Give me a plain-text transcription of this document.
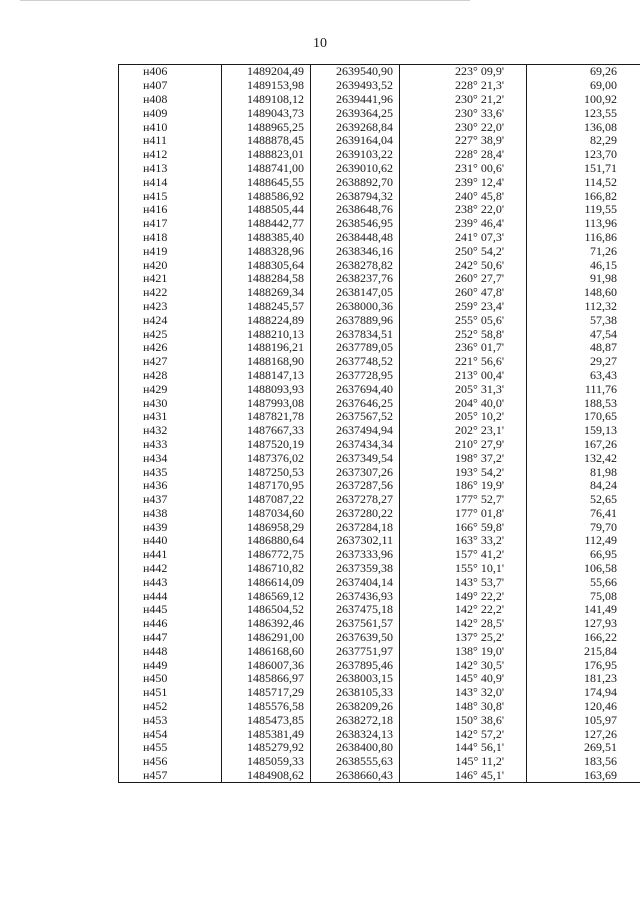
10
н406	1489204,49	2639540,90	223° 09,9'	69,26
н407	1489153,98	2639493,52	228° 21,3'	69,00
н408	1489108,12	2639441,96	230° 21,2'	100,92
н409	1489043,73	2639364,25	230° 33,6'	123,55
н410	1488965,25	2639268,84	230° 22,0'	136,08
н411	1488878,45	2639164,04	227° 38,9'	82,29
н412	1488823,01	2639103,22	228° 28,4'	123,70
н413	1488741,00	2639010,62	231° 00,6'	151,71
н414	1488645,55	2638892,70	239° 12,4'	114,52
н415	1488586,92	2638794,32	240° 45,8'	166,82
н416	1488505,44	2638648,76	238° 22,0'	119,55
н417	1488442,77	2638546,95	239° 46,4'	113,96
н418	1488385,40	2638448,48	241° 07,3'	116,86
н419	1488328,96	2638346,16	250° 54,2'	71,26
н420	1488305,64	2638278,82	242° 50,6'	46,15
н421	1488284,58	2638237,76	260° 27,7'	91,98
н422	1488269,34	2638147,05	260° 47,8'	148,60
н423	1488245,57	2638000,36	259° 23,4'	112,32
н424	1488224,89	2637889,96	255° 05,6'	57,38
н425	1488210,13	2637834,51	252° 58,8'	47,54
н426	1488196,21	2637789,05	236° 01,7'	48,87
н427	1488168,90	2637748,52	221° 56,6'	29,27
н428	1488147,13	2637728,95	213° 00,4'	63,43
н429	1488093,93	2637694,40	205° 31,3'	111,76
н430	1487993,08	2637646,25	204° 40,0'	188,53
н431	1487821,78	2637567,52	205° 10,2'	170,65
н432	1487667,33	2637494,94	202° 23,1'	159,13
н433	1487520,19	2637434,34	210° 27,9'	167,26
н434	1487376,02	2637349,54	198° 37,2'	132,42
н435	1487250,53	2637307,26	193° 54,2'	81,98
н436	1487170,95	2637287,56	186° 19,9'	84,24
н437	1487087,22	2637278,27	177° 52,7'	52,65
н438	1487034,60	2637280,22	177° 01,8'	76,41
н439	1486958,29	2637284,18	166° 59,8'	79,70
н440	1486880,64	2637302,11	163° 33,2'	112,49
н441	1486772,75	2637333,96	157° 41,2'	66,95
н442	1486710,82	2637359,38	155° 10,1'	106,58
н443	1486614,09	2637404,14	143° 53,7'	55,66
н444	1486569,12	2637436,93	149° 22,2'	75,08
н445	1486504,52	2637475,18	142° 22,2'	141,49
н446	1486392,46	2637561,57	142° 28,5'	127,93
н447	1486291,00	2637639,50	137° 25,2'	166,22
н448	1486168,60	2637751,97	138° 19,0'	215,84
н449	1486007,36	2637895,46	142° 30,5'	176,95
н450	1485866,97	2638003,15	145° 40,9'	181,23
н451	1485717,29	2638105,33	143° 32,0'	174,94
н452	1485576,58	2638209,26	148° 30,8'	120,46
н453	1485473,85	2638272,18	150° 38,6'	105,97
н454	1485381,49	2638324,13	142° 57,2'	127,26
н455	1485279,92	2638400,80	144° 56,1'	269,51
н456	1485059,33	2638555,63	145° 11,2'	183,56
н457	1484908,62	2638660,43	146° 45,1'	163,69
